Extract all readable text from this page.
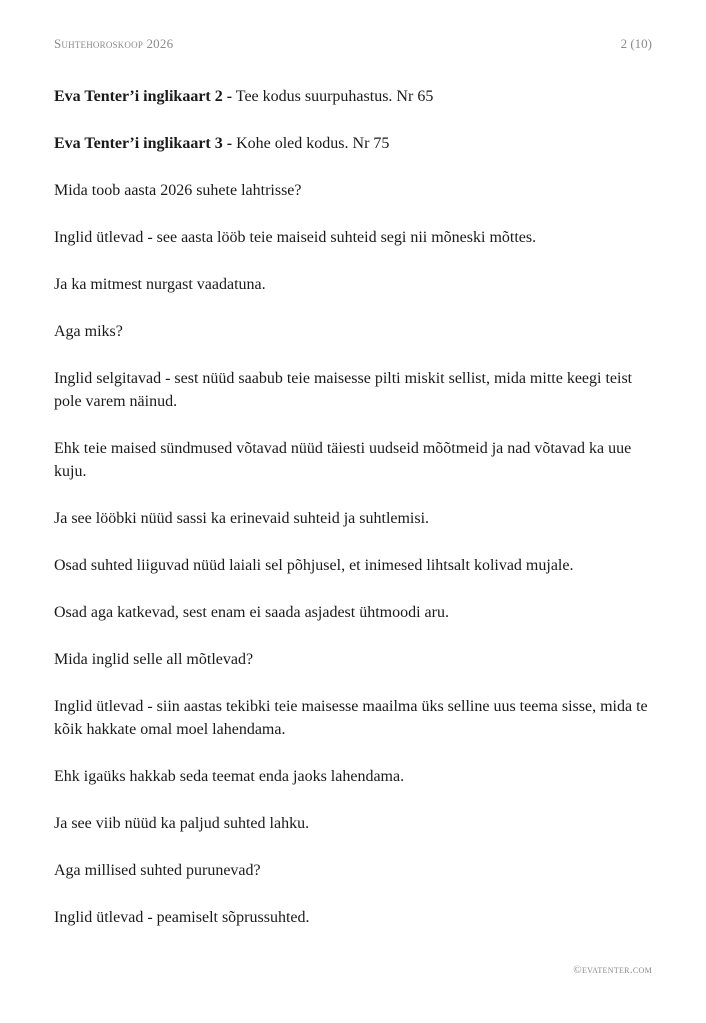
Suhtehoroskoop 2026	2 (10)

Eva Tenter’i inglikaart 2 - Tee kodus suurpuhastus. Nr 65

Eva Tenter’i inglikaart 3 - Kohe oled kodus. Nr 75

Mida toob aasta 2026 suhete lahtrisse?

Inglid ütlevad - see aasta lööb teie maiseid suhteid segi nii mõneski mõttes.

Ja ka mitmest nurgast vaadatuna.

Aga miks?

Inglid selgitavad - sest nüüd saabub teie maisesse pilti miskit sellist, mida mitte keegi teist pole varem näinud.

Ehk teie maised sündmused võtavad nüüd täiesti uudseid mõõtmeid ja nad võtavad ka uue kuju.

Ja see lööbki nüüd sassi ka erinevaid suhteid ja suhtlemisi.

Osad suhted liiguvad nüüd laiali sel põhjusel, et inimesed lihtsalt kolivad mujale.

Osad aga katkevad, sest enam ei saada asjadest ühtmoodi aru.

Mida inglid selle all mõtlevad?

Inglid ütlevad - siin aastas tekibki teie maisesse maailma üks selline uus teema sisse, mida te kõik hakkate omal moel lahendama.

Ehk igaüks hakkab seda teemat enda jaoks lahendama.

Ja see viib nüüd ka paljud suhted lahku.

Aga millised suhted purunevad?

Inglid ütlevad - peamiselt sõprussuhted.

©evatenter.com
